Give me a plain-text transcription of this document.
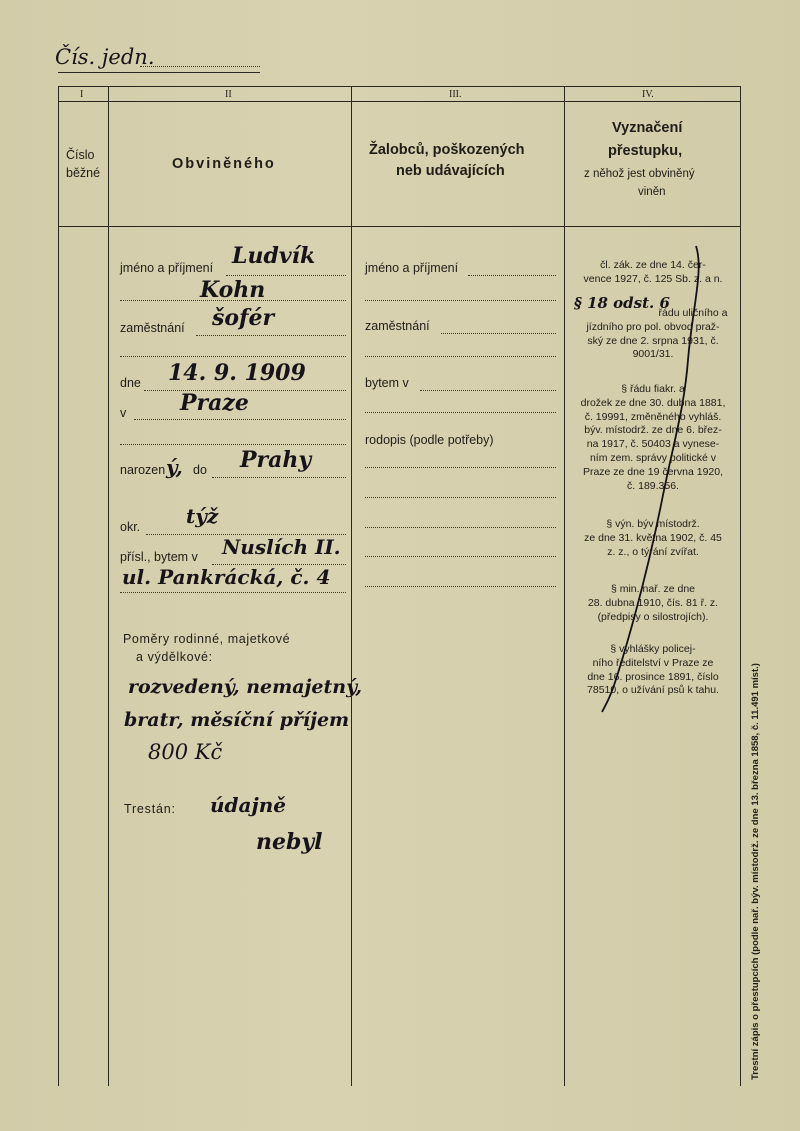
Čís. jedn.
I	II	III.	IV.
Číslo
běžné
Obviněného
Žalobců, poškozených
neb udávajících
Vyznačení
přestupku,
z něhož jest obviněný
viněn
jméno a příjmení Ludvík
Kohn
zaměstnání šofér
dne 14. 9. 1909
v Praze
narozen ý, do Prahy
okr. týž
přísl., bytem v Nuslích II.
ul. Pankrácká, č. 4
Poměry rodinné, majetkové
a výdělkové:
rozvedený, nemajetný,
bratr, měsíční příjem
800 Kč
Trestán: údajně
nebyl
jméno a příjmení
zaměstnání
bytem v
rodopis (podle potřeby)
čl. zák. ze dne 14. čer-
vence 1927, č. 125 Sb. z. a n.
§ 18 odst. 6
řádu uličního a
jízdního pro pol. obvod praž-
ský ze dne 2. srpna 1931, č.
9001/31.
§ řádu fiakr. a
drožek ze dne 30. dubna 1881,
č. 19991, změněného vyhláš.
býv. místodrž. ze dne 6. břez-
na 1917, č. 50403 a vynese-
ním zem. správy politické v
Praze ze dne 19 června 1920,
č. 189.356.
§ výn. býv místodrž.
ze dne 31. května 1902, č. 45
z. z., o týrání zvířat.
§ min. nař. ze dne
28. dubna 1910, čís. 81 ř. z.
(předpisy o silostrojích).
§ vyhlášky policej-
ního ředitelství v Praze ze
dne 16. prosince 1891, číslo
78510, o užívání psů k tahu.	Trestní zápis o přestupcích (podle nař. býv. místodrž. ze dne 13. března 1858, č. 11.491 míst.)
